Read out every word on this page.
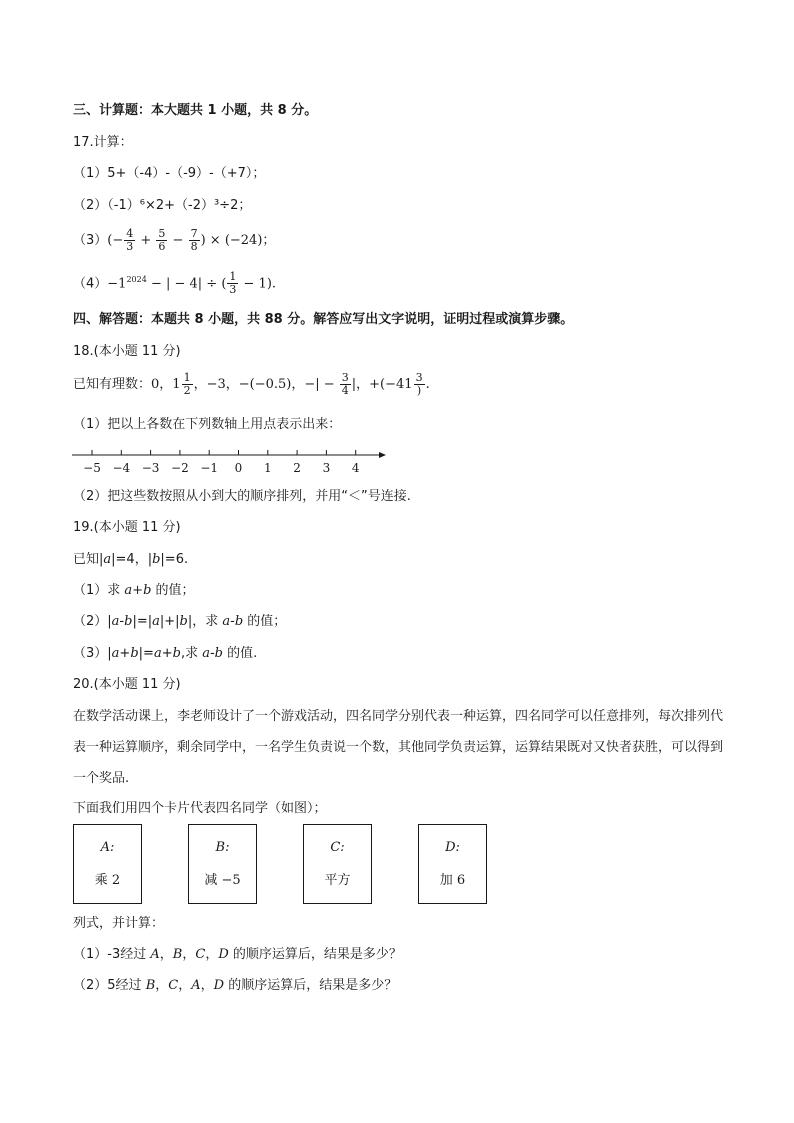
三、计算题：本大题共 1 小题，共 8 分。
17.计算：
（1）5+（-4）-（-9）-（+7）；
（2）（-1）⁶×2+（-2）³÷2；
$(3)(- \frac{4}{3} + \frac{5}{6} - \frac{7}{8}$ ) × (−24)；
$(4)-1^{2024}$ − | − 4| ÷ ( $\frac{1}{3} - 1$).
四、解答题：本题共 8 小题，共 88 分。解答应写出文字说明，证明过程或演算步骤。
18.(本小题 11 分)
已知有理数：0，$1 \frac{1}{2}$ ，−3，−(−0.5)，−| − $\frac{3}{4}$ |，$+(-41 \frac{3}{)}$ .
（1）把以上各数在下列数轴上用点表示出来：
−5 −4 −3 −2 −1 0 1 2 3 4
（2）把这些数按照从小到大的顺序排列，并用“＜”号连接.
19.(本小题 11 分)
已知|a|=4，|b|=6.
（1）求 a+b 的值；
（2）|a-b|=|a|+|b|，求 a-b 的值；
（3）|a+b|=a+b,求 a-b 的值.
20.(本小题 11 分)
在数学活动课上，李老师设计了一个游戏活动，四名同学分别代表一种运算，四名同学可以任意排列，每次排列代表一种运算顺序，剩余同学中，一名学生负责说一个数，其他同学负责运算，运算结果既对又快者获胜，可以得到一个奖品.
下面我们用四个卡片代表四名同学（如图）；
A:
乘 2
B:
减 −5
C:
平方
D:
加 6
列式，并计算：
（1）-3经过 A，B，C，D 的顺序运算后，结果是多少？
（2）5经过 B，C，A，D 的顺序运算后，结果是多少？
